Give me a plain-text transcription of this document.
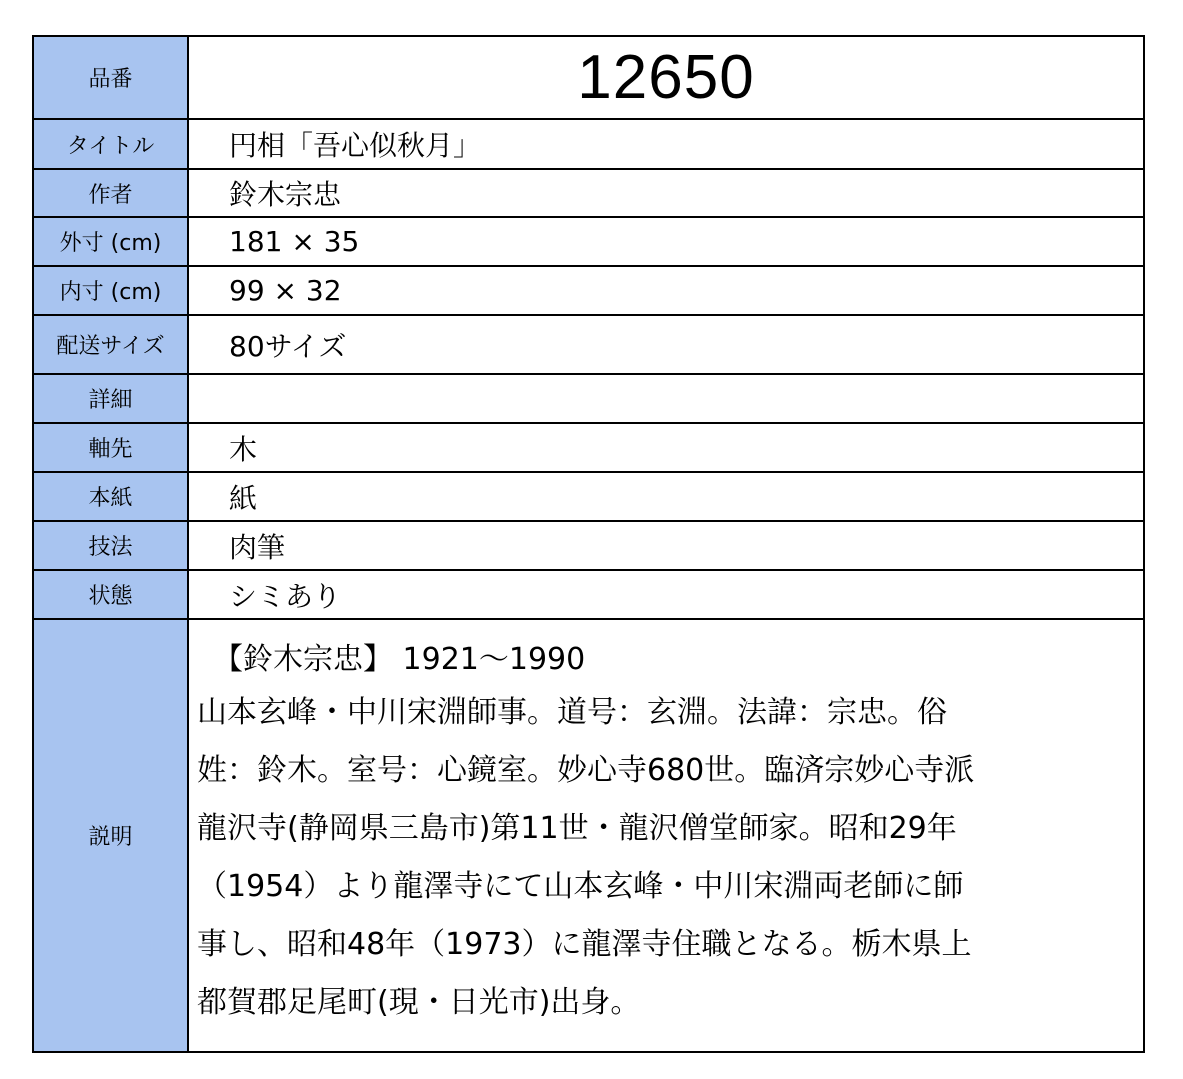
品番	12650
タイトル	円相「吾心似秋月」
作者	鈴木宗忠
外寸 (cm)	181 × 35
内寸 (cm)	99 × 32
配送サイズ	80サイズ
詳細
軸先	木
本紙	紙
技法	肉筆
状態	シミあり
説明
【鈴木宗忠】 1921〜1990
山本玄峰・中川宋淵師事。道号：玄淵。法諱：宗忠。俗
姓：鈴木。室号：心鏡室。妙心寺680世。臨済宗妙心寺派
龍沢寺(静岡県三島市)第11世・龍沢僧堂師家。昭和29年
（1954）より龍澤寺にて山本玄峰・中川宋淵両老師に師
事し、昭和48年（1973）に龍澤寺住職となる。栃木県上
都賀郡足尾町(現・日光市)出身。
